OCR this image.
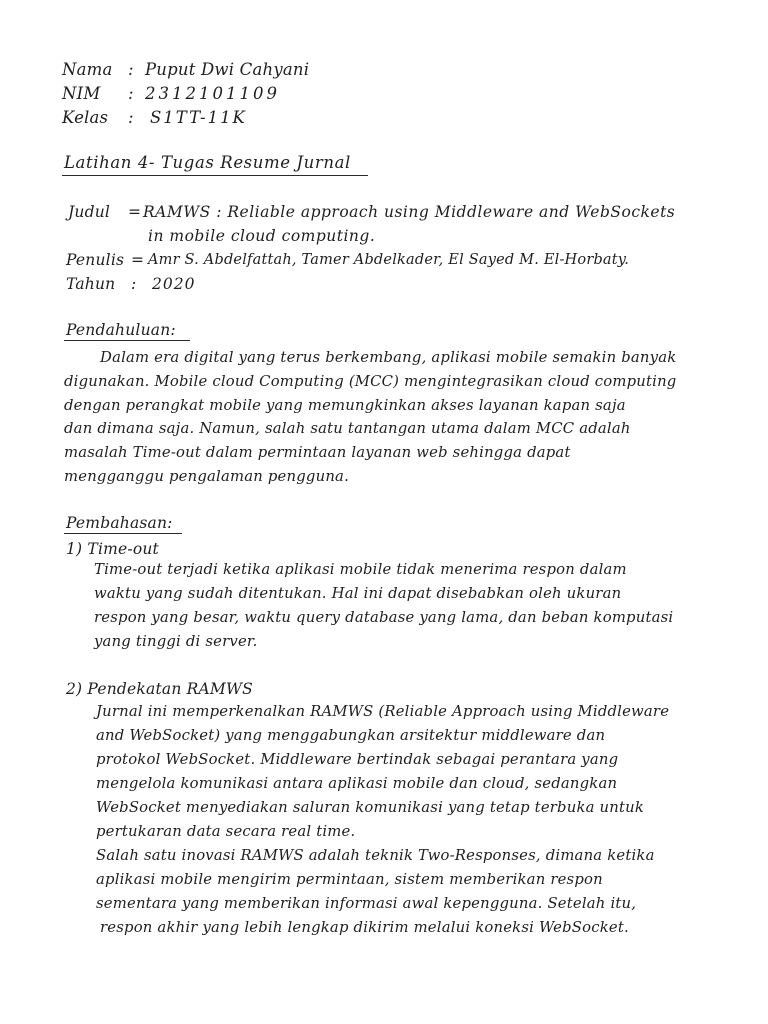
Nama : Puput Dwi Cahyani
NIM : 2312101109
Kelas : S1TT-11K
Latihan 4- Tugas Resume Jurnal
Judul = RAMWS : Reliable approach using Middleware and WebSockets
in mobile cloud computing.
Penulis = Amr S. Abdelfattah, Tamer Abdelkader, El Sayed M. El-Horbaty.
Tahun : 2020
Pendahuluan:
Dalam era digital yang terus berkembang, aplikasi mobile semakin banyak
digunakan. Mobile cloud Computing (MCC) mengintegrasikan cloud computing
dengan perangkat mobile yang memungkinkan akses layanan kapan saja
dan dimana saja. Namun, salah satu tantangan utama dalam MCC adalah
masalah Time-out dalam permintaan layanan web sehingga dapat
mengganggu pengalaman pengguna.
Pembahasan:
1) Time-out
Time-out terjadi ketika aplikasi mobile tidak menerima respon dalam
waktu yang sudah ditentukan. Hal ini dapat disebabkan oleh ukuran
respon yang besar, waktu query database yang lama, dan beban komputasi
yang tinggi di server.
2) Pendekatan RAMWS
Jurnal ini memperkenalkan RAMWS (Reliable Approach using Middleware
and WebSocket) yang menggabungkan arsitektur middleware dan
protokol WebSocket. Middleware bertindak sebagai perantara yang
mengelola komunikasi antara aplikasi mobile dan cloud, sedangkan
WebSocket menyediakan saluran komunikasi yang tetap terbuka untuk
pertukaran data secara real time.
Salah satu inovasi RAMWS adalah teknik Two-Responses, dimana ketika
aplikasi mobile mengirim permintaan, sistem memberikan respon
sementara yang memberikan informasi awal kepengguna. Setelah itu,
respon akhir yang lebih lengkap dikirim melalui koneksi WebSocket.
